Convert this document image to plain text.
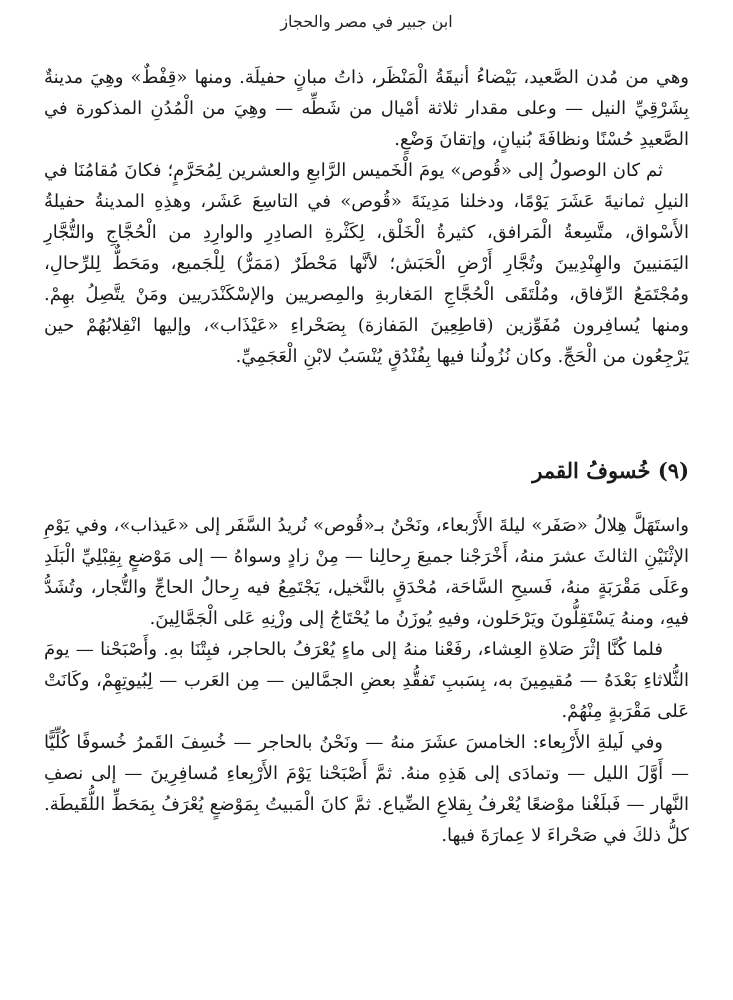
ابن جبير في مصر والحجاز

وهي من مُدن الصَّعيد، بَيْضاءُ أنيقَةُ الْمَنْظَر، ذاتُ مبانٍ حفيلَة. ومنها «قِفْطٌ» وهِيَ مدينةٌ بِشَرْقِيِّ النيل — وعلى مقدار ثلاثة أمْيال من شَطِّه — وهِيَ من الْمُدُنِ المذكورة في الصَّعيدِ حُسْنًا ونظافَةَ بُنيانٍ، وإتقانَ وَضْعٍ.

ثم كان الوصولُ إلى «قُوص» يومَ الْخَميس الرَّابعِ والعشرين لِمُحَرَّمٍ؛ فكانَ مُقامُنَا في النيلِ ثمانيةَ عَشَرَ يَوْمًا، ودخلنا مَدِينَةَ «قُوص» في التاسِعَ عَشَر، وهذِهِ المدينةُ حفيلةُ الأَسْواق، متَّسِعةُ الْمَرافق، كثيرةُ الْخَلْق، لِكَثْرةِ الصادِرِ والوارِدِ من الْحُجَّاجِ والتُّجَّارِ اليَمَنيينَ والهِنْدِيينَ وتُجَّارِ أَرْضِ الْحَبَش؛ لأنَّها مَحْطَرٌ (مَمَرٌّ) لِلْجَميع، ومَحَطٌّ لِلرِّحالِ، ومُجْتَمَعُ الرِّفاق، ومُلْتَقَى الْحُجَّاجِ المَغاربةِ والمِصريين والإسْكَنْدَريين ومَنْ يتَّصِلُ بهِمْ. ومنها يُسافِرون مُفَوِّزين (قاطِعِينَ المَفازة) بِصَحْراءِ «عَيْذَاب»، وإليها انْقِلابُهُمْ حين يَرْجِعُون من الْحَجِّ. وكان نُزُولُنا فيها بِفُنْدُقٍ يُنْسَبُ لابْنِ الْعَجَمِيِّ.

(٩) خُسوفُ القمر

واستَهَلَّ هِلالُ «صَفَر» ليلةَ الأَرْبعاء، ونَحْنُ بـ«قُوص» نُريدُ السَّفَر إلى «عَيذاب»، وفي يَوْمِ الإثْنَيْنِ الثالثَ عشرَ منهُ، أَخْرَجْنا جميعَ رِحالِنا — مِنْ زادٍ وسواهُ — إلى مَوْضعٍ بِقِبْلِيِّ الْبَلَدِ وعَلَى مَقْرَبَةٍ منهُ، فَسيحِ السَّاحَة، مُحْدَقٍ بالنَّخيل، يَجْتَمِعُ فيه رِحالُ الحاجِّ والتُّجار، وتُشَدُّ فيهِ، ومنهُ يَسْتَقِلُّونَ ويَرْحَلون، وفيهِ يُوزَنُ ما يُحْتَاجُ إلى وزْنِهِ عَلى الْجَمَّالِينَ.

فلما كُنَّا إثْرَ صَلاةِ العِشاء، رفَعْنا منهُ إلى ماءٍ يُعْرَفُ بالحاجر، فبِتْنَا بهِ. وأَصْبَحْنا — يومَ الثُّلاثاءِ بَعْدَهُ — مُقيمِينَ به، بِسَببِ تَفقُّدِ بعضِ الجمَّالين — مِن العَرب — لِبُيوتِهِمْ، وكَانَتْ عَلى مَقْرَبةٍ مِنْهُمْ.

وفي لَيلةِ الأَرْبِعاء: الخامسَ عشَرَ منهُ — ونَحْنُ بالحاجر — خُسِفَ القَمرُ خُسوفًا كُلِّيًّا — أَوَّلَ الليل — وتمادَى إلى هَذِهِ منهُ. ثمَّ أَصْبَحْنا يَوْمَ الأَرْبِعاءِ مُسافِرِينَ — إلى نصفِ النَّهار — فَبلَغْنا موْضعًا يُعْرفُ بِقلاعِ الضِّياع. ثمَّ كانَ الْمَبيتُ بِمَوْضعٍ يُعْرَفُ بِمَحَطِّ اللُّقَيطَة. كلُّ ذلكَ في صَحْراءَ لا عِمارَةَ فيها.
